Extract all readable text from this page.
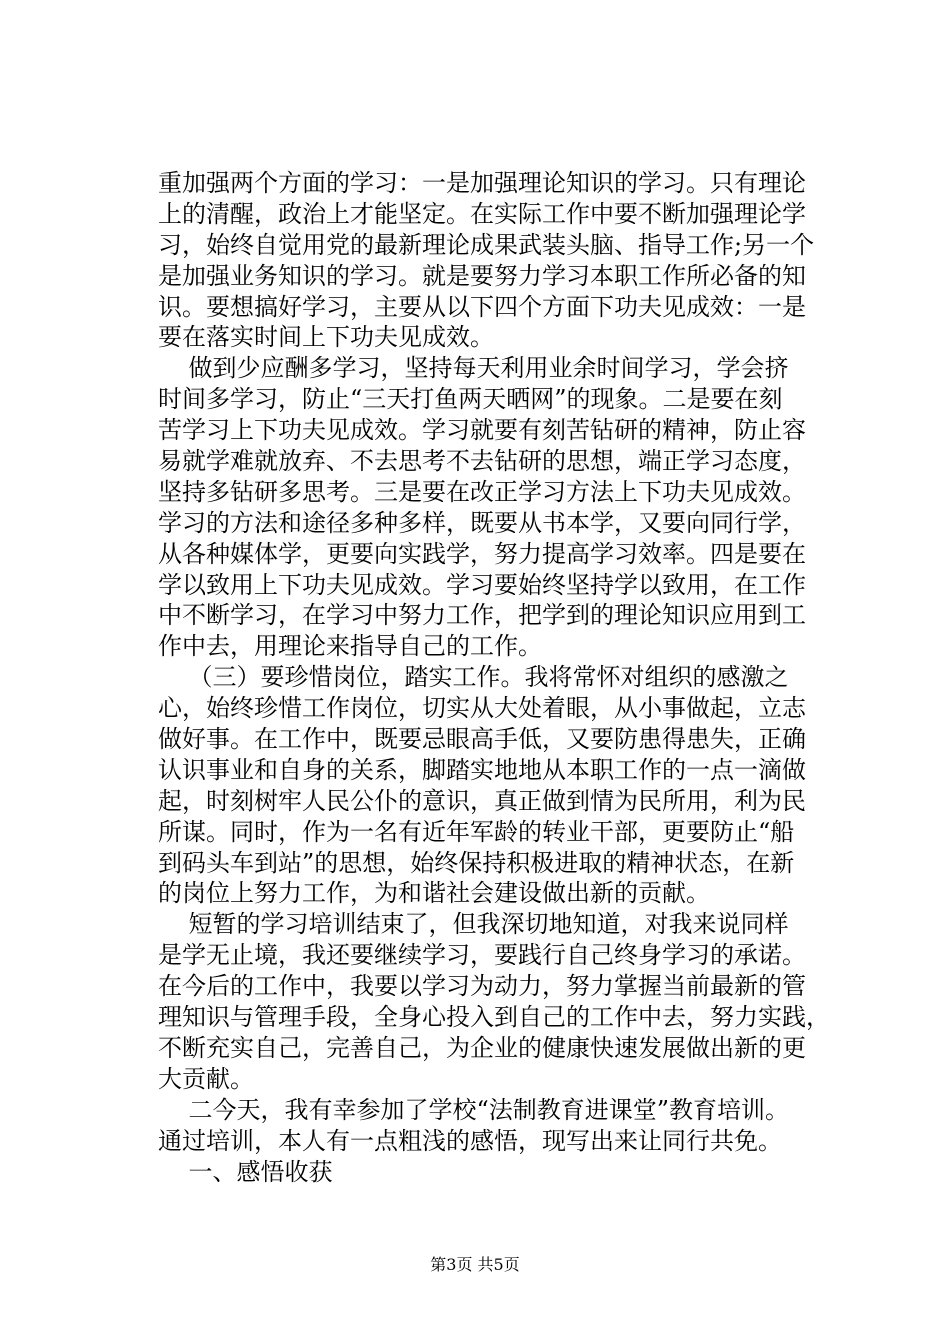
重加强两个方面的学习：一是加强理论知识的学习。只有理论
上的清醒，政治上才能坚定。在实际工作中要不断加强理论学
习，始终自觉用党的最新理论成果武装头脑、指导工作;另一个
是加强业务知识的学习。就是要努力学习本职工作所必备的知
识。要想搞好学习，主要从以下四个方面下功夫见成效：一是
要在落实时间上下功夫见成效。
做到少应酬多学习，坚持每天利用业余时间学习，学会挤
时间多学习，防止“三天打鱼两天晒网”的现象。二是要在刻
苦学习上下功夫见成效。学习就要有刻苦钻研的精神，防止容
易就学难就放弃、不去思考不去钻研的思想，端正学习态度，
坚持多钻研多思考。三是要在改正学习方法上下功夫见成效。
学习的方法和途径多种多样，既要从书本学，又要向同行学，
从各种媒体学，更要向实践学，努力提高学习效率。四是要在
学以致用上下功夫见成效。学习要始终坚持学以致用，在工作
中不断学习，在学习中努力工作，把学到的理论知识应用到工
作中去，用理论来指导自己的工作。
（三）要珍惜岗位，踏实工作。我将常怀对组织的感激之
心，始终珍惜工作岗位，切实从大处着眼，从小事做起，立志
做好事。在工作中，既要忌眼高手低，又要防患得患失，正确
认识事业和自身的关系，脚踏实地地从本职工作的一点一滴做
起，时刻树牢人民公仆的意识，真正做到情为民所用，利为民
所谋。同时，作为一名有近年军龄的转业干部，更要防止“船
到码头车到站”的思想，始终保持积极进取的精神状态，在新
的岗位上努力工作，为和谐社会建设做出新的贡献。
短暂的学习培训结束了，但我深切地知道，对我来说同样
是学无止境，我还要继续学习，要践行自己终身学习的承诺。
在今后的工作中，我要以学习为动力，努力掌握当前最新的管
理知识与管理手段，全身心投入到自己的工作中去，努力实践，
不断充实自己，完善自己，为企业的健康快速发展做出新的更
大贡献。
二今天，我有幸参加了学校“法制教育进课堂”教育培训。
通过培训，本人有一点粗浅的感悟，现写出来让同行共免。
一、感悟收获
第3页 共5页
